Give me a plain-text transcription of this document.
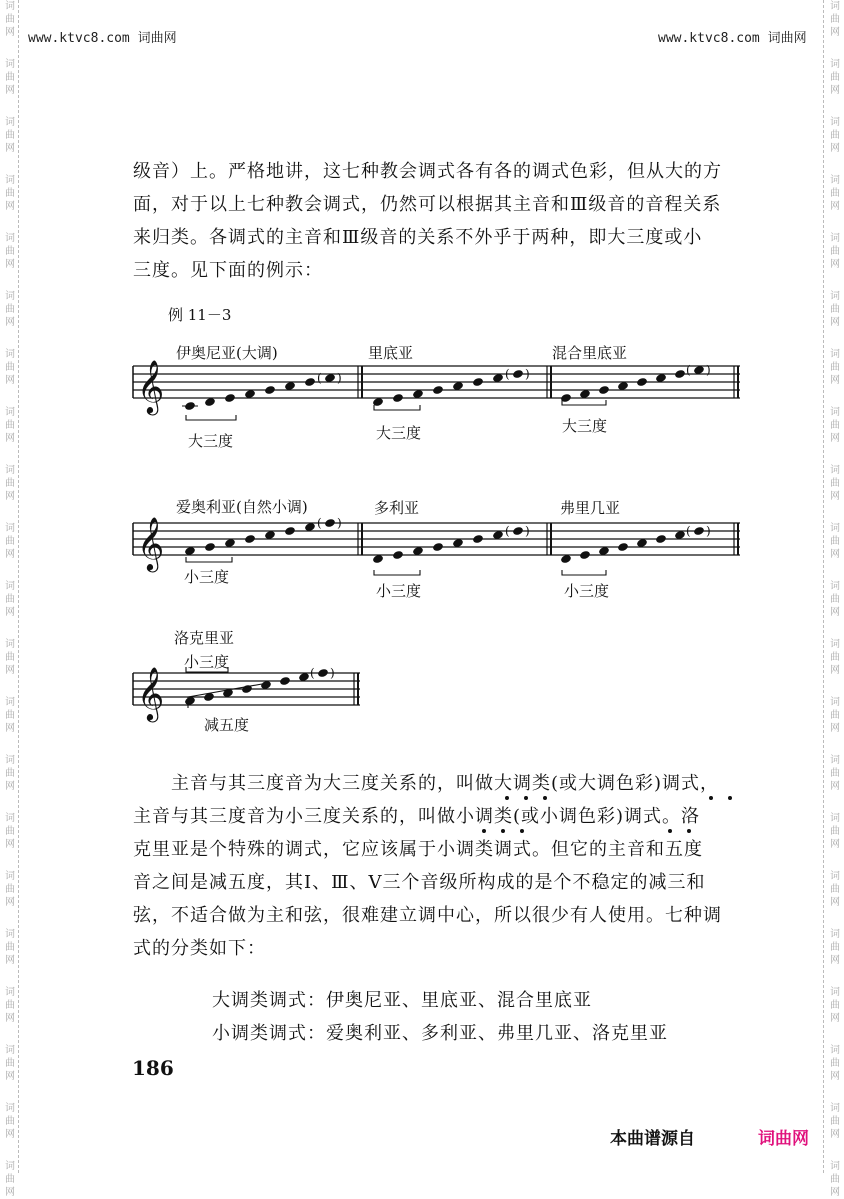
www.ktvc8.com 词曲网	www.ktvc8.com 词曲网
词
曲
网
词
曲
网
词
曲
网
词
曲
网
词
曲
网
词
曲
网
词
曲
网
词
曲
网
词
曲
网
词
曲
网
词
曲
网
词
曲
网
词
曲
网
词
曲
网
词
曲
网
词
曲
网
词
曲
网
词
曲
网
词
曲
网
词
曲
网
词
曲
网
词
曲
网
词
曲
网
词
曲
网
词
曲
网
词
曲
网
词
曲
网
词
曲
网
词
曲
网
词
曲
网
词
曲
网
词
曲
网
词
曲
网
词
曲
网
词
曲
网
词
曲
网
词
曲
网
词
曲
网
词
曲
网
词
曲
网
词
曲
网
词
曲
网
级音）上。严格地讲，这七种教会调式各有各的调式色彩，但从大的方
面，对于以上七种教会调式，仍然可以根据其主音和Ⅲ级音的音程关系
来归类。各调式的主音和Ⅲ级音的关系不外乎于两种，即大三度或小
三度。见下面的例示：
例 11－3
伊奥尼亚(大调)	里底亚	混合里底亚
大三度	大三度	大三度
爱奥利亚(自然小调)	多利亚	弗里几亚
小三度
小三度	小三度
洛克里亚
小三度
减五度
𝄞	( )	( )	( )
𝄞	( )
( )	( )
𝄞	( )
主音与其三度音为大三度关系的，叫做大调类(或大调色彩)调式，
主音与其三度音为小三度关系的，叫做小调类(或小调色彩)调式。洛
克里亚是个特殊的调式，它应该属于小调类调式。但它的主音和五度
音之间是减五度，其Ⅰ、Ⅲ、Ⅴ三个音级所构成的是个不稳定的减三和
弦，不适合做为主和弦，很难建立调中心，所以很少有人使用。七种调
式的分类如下：
大调类调式：伊奥尼亚、里底亚、混合里底亚
小调类调式：爱奥利亚、多利亚、弗里几亚、洛克里亚
186
本曲谱源自	词曲网
